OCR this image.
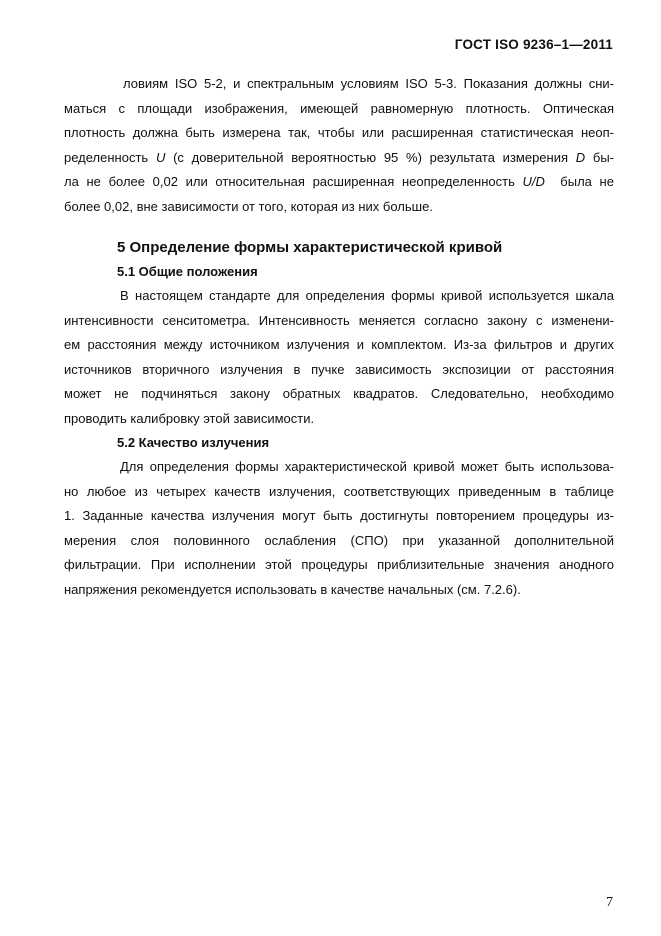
ГОСТ ISO 9236–1—2011
ловиям ISO 5-2, и спектральным условиям ISO 5-3. Показания должны сни-
маться с площади изображения, имеющей равномерную плотность. Оптическая
плотность должна быть измерена так, чтобы или расширенная статистическая неоп-
ределенность U (с доверительной вероятностью 95 %) результата измерения D бы-
ла не более 0,02 или относительная расширенная неопределенность U/D была не
более 0,02, вне зависимости от того, которая из них больше.
5 Определение формы характеристической кривой
5.1 Общие положения
В настоящем стандарте для определения формы кривой используется шкала
интенсивности сенситометра. Интенсивность меняется согласно закону с изменени-
ем расстояния между источником излучения и комплектом. Из-за фильтров и других
источников вторичного излучения в пучке зависимость экспозиции от расстояния
может не подчиняться закону обратных квадратов. Следовательно, необходимо
проводить калибровку этой зависимости.
5.2 Качество излучения
Для определения формы характеристической кривой может быть использова-
но любое из четырех качеств излучения, соответствующих приведенным в таблице
1. Заданные качества излучения могут быть достигнуты повторением процедуры из-
мерения слоя половинного ослабления (СПО) при указанной дополнительной
фильтрации. При исполнении этой процедуры приблизительные значения анодного
напряжения рекомендуется использовать в качестве начальных (см. 7.2.6).
7
